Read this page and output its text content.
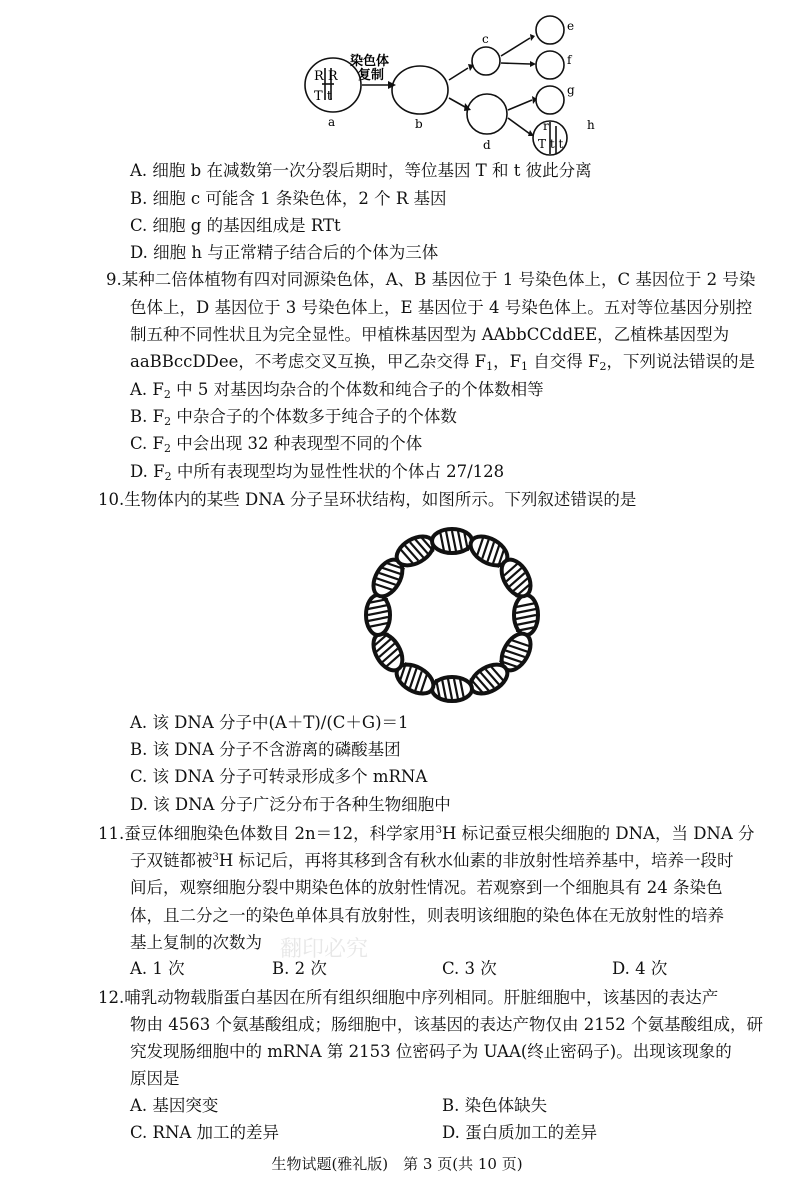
R R
T t
染色体
复制
r
T t t
a	b
c
d
e
f
g
h
A. 细胞 b 在减数第一次分裂后期时，等位基因 T 和 t 彼此分离
B. 细胞 c 可能含 1 条染色体，2 个 R 基因
C. 细胞 g 的基因组成是 RTt
D. 细胞 h 与正常精子结合后的个体为三体
9.某种二倍体植物有四对同源染色体，A、B 基因位于 1 号染色体上，C 基因位于 2 号染
色体上，D 基因位于 3 号染色体上，E 基因位于 4 号染色体上。五对等位基因分别控
制五种不同性状且为完全显性。甲植株基因型为 AAbbCCddEE，乙植株基因型为
aaBBccDDee，不考虑交叉互换，甲乙杂交得 $F_1$，$F_1$ 自交得 $F_2$，下列说法错误的是
A. $F_2$ 中 5 对基因均杂合的个体数和纯合子的个体数相等
B. $F_2$ 中杂合子的个体数多于纯合子的个体数
C. $F_2$ 中会出现 32 种表现型不同的个体
D. $F_2$ 中所有表现型均为显性性状的个体占 27/128
10.生物体内的某些 DNA 分子呈环状结构，如图所示。下列叙述错误的是
A. 该 DNA 分子中(A＋T)/(C＋G)＝1
B. 该 DNA 分子不含游离的磷酸基团
C. 该 DNA 分子可转录形成多个 mRNA
D. 该 DNA 分子广泛分布于各种生物细胞中
11.蚕豆体细胞染色体数目 2n＝12，科学家用$^3$H 标记蚕豆根尖细胞的 DNA，当 DNA 分
子双链都被$^3$H 标记后，再将其移到含有秋水仙素的非放射性培养基中，培养一段时
间后，观察细胞分裂中期染色体的放射性情况。若观察到一个细胞具有 24 条染色
体，且二分之一的染色单体具有放射性，则表明该细胞的染色体在无放射性的培养
基上复制的次数为
A. 1 次	B. 2 次	C. 3 次	D. 4 次
翻印必究
12.哺乳动物载脂蛋白基因在所有组织细胞中序列相同。肝脏细胞中，该基因的表达产
物由 4563 个氨基酸组成；肠细胞中，该基因的表达产物仅由 2152 个氨基酸组成，研
究发现肠细胞中的 mRNA 第 2153 位密码子为 UAA(终止密码子)。出现该现象的
原因是
A. 基因突变	B. 染色体缺失
C. RNA 加工的差异	D. 蛋白质加工的差异
生物试题(雅礼版)　第 3 页(共 10 页)
